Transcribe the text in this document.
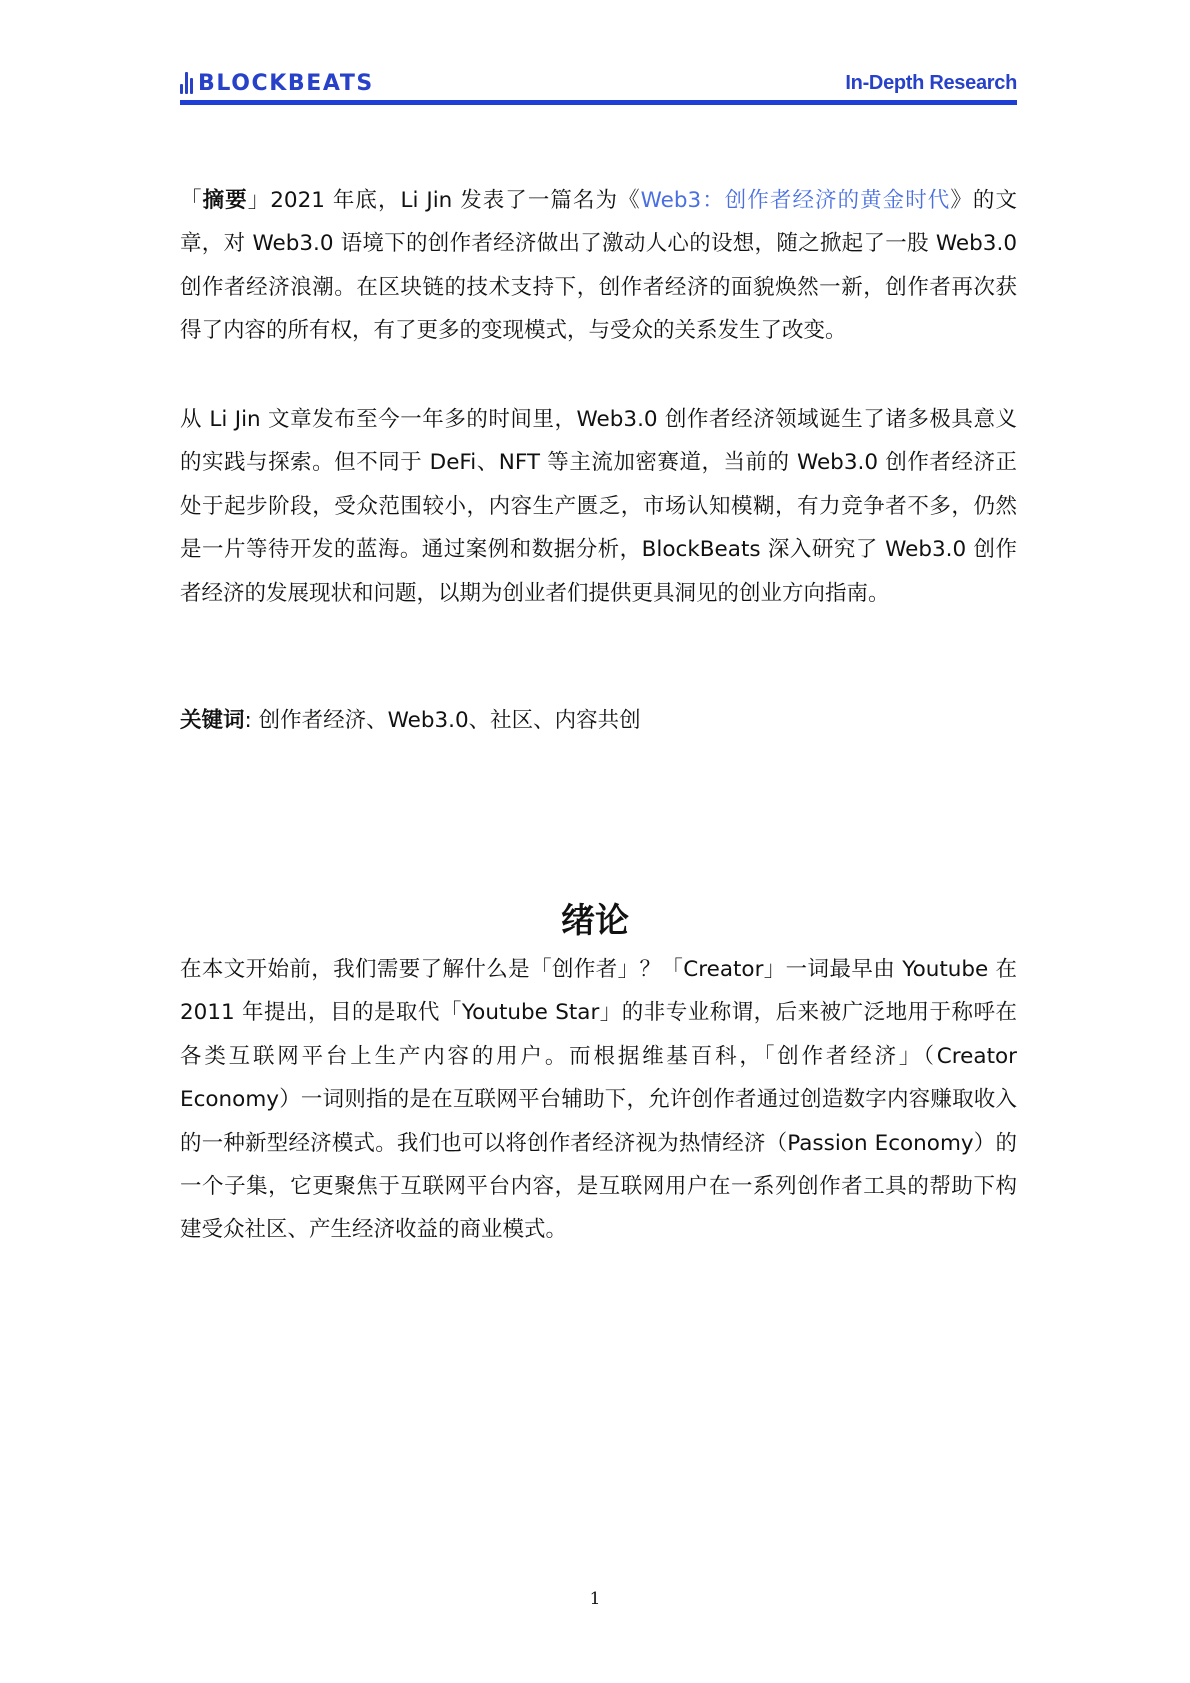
BLOCKBEATS	In-Depth Research

「摘要」2021 年底，Li Jin 发表了一篇名为《Web3：创作者经济的黄金时代》的文章，对 Web3.0 语境下的创作者经济做出了激动人心的设想，随之掀起了一股 Web3.0 创作者经济浪潮。在区块链的技术支持下，创作者经济的面貌焕然一新，创作者再次获得了内容的所有权，有了更多的变现模式，与受众的关系发生了改变。

从 Li Jin 文章发布至今一年多的时间里，Web3.0 创作者经济领域诞生了诸多极具意义的实践与探索。但不同于 DeFi、NFT 等主流加密赛道，当前的 Web3.0 创作者经济正处于起步阶段，受众范围较小，内容生产匮乏，市场认知模糊，有力竞争者不多，仍然是一片等待开发的蓝海。通过案例和数据分析，BlockBeats 深入研究了 Web3.0 创作者经济的发展现状和问题，以期为创业者们提供更具洞见的创业方向指南。

关键词: 创作者经济、Web3.0、社区、内容共创

绪论

在本文开始前，我们需要了解什么是「创作者」？「Creator」一词最早由 Youtube 在 2011 年提出，目的是取代「Youtube Star」的非专业称谓，后来被广泛地用于称呼在各类互联网平台上生产内容的用户。而根据维基百科，「创作者经济」（Creator Economy）一词则指的是在互联网平台辅助下，允许创作者通过创造数字内容赚取收入的一种新型经济模式。我们也可以将创作者经济视为热情经济（Passion Economy）的一个子集，它更聚焦于互联网平台内容，是互联网用户在一系列创作者工具的帮助下构建受众社区、产生经济收益的商业模式。

1
